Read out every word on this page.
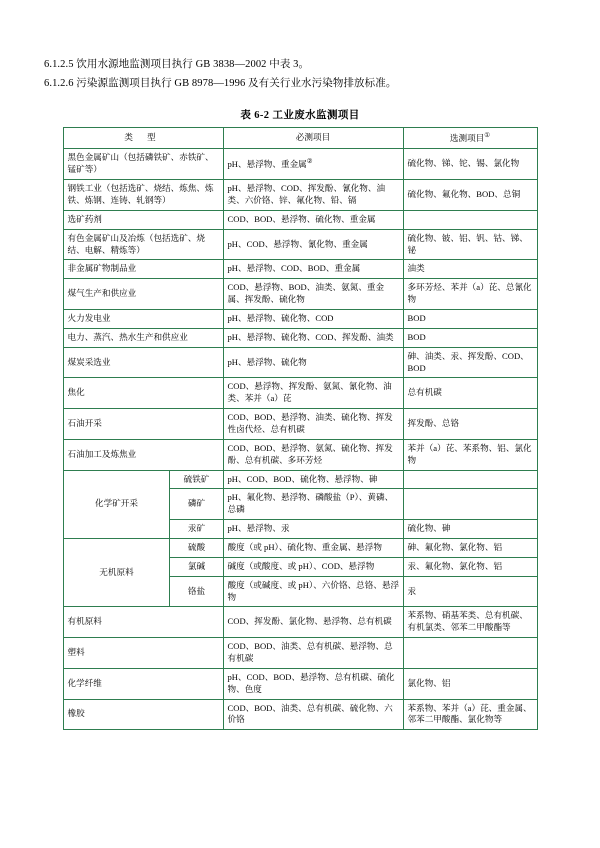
6.1.2.5 饮用水源地监测项目执行 GB 3838—2002 中表 3。

6.1.2.6 污染源监测项目执行 GB 8978—1996 及有关行业水污染物排放标准。

表 6-2 工业废水监测项目
类 型		必测项目	选测项目①
黑色金属矿山（包括磷铁矿、赤铁矿、锰矿等）		pH、悬浮物、重金属②	硫化物、锑、铊、锡、氯化物
钢铁工业（包括选矿、烧结、炼焦、炼铁、炼钢、连铸、轧钢等）		pH、悬浮物、COD、挥发酚、氰化物、油类、六价铬、锌、氟化物、铅、镉	硫化物、氟化物、BOD、总铜
选矿药剂		COD、BOD、悬浮物、硫化物、重金属	
有色金属矿山及冶炼（包括选矿、烧结、电解、精炼等）		pH、COD、悬浮物、氰化物、重金属	硫化物、铍、铝、钒、钴、锑、铋
非金属矿物制品业		pH、悬浮物、COD、BOD、重金属	油类
煤气生产和供应业		COD、悬浮物、BOD、油类、氨氮、重金属、挥发酚、硫化物	多环芳烃、苯并（a）芘、总氰化物
火力发电业		pH、悬浮物、硫化物、COD	BOD
电力、蒸汽、热水生产和供应业		pH、悬浮物、硫化物、COD、挥发酚、油类	BOD
煤炭采选业		pH、悬浮物、硫化物	砷、油类、汞、挥发酚、COD、BOD
焦化		COD、悬浮物、挥发酚、氨氮、氰化物、油类、苯并（a）芘	总有机碳
石油开采		COD、BOD、悬浮物、油类、硫化物、挥发性卤代烃、总有机碳	挥发酚、总铬
石油加工及炼焦业		COD、BOD、悬浮物、氨氮、硫化物、挥发酚、总有机碳、多环芳烃	苯并（a）芘、苯系物、铝、氯化物
化学矿开采	硫铁矿	pH、COD、BOD、硫化物、悬浮物、砷	
	磷矿	pH、氟化物、悬浮物、磷酸盐（P）、黄磷、总磷	
	汞矿	pH、悬浮物、汞	硫化物、砷
无机原料	硫酸	酸度（或 pH）、硫化物、重金属、悬浮物	砷、氟化物、氯化物、铝
	氯碱	碱度（或酸度、或 pH）、COD、悬浮物	汞、氟化物、氯化物、铝
	铬盐	酸度（或碱度、或 pH）、六价铬、总铬、悬浮物	汞
有机原料		COD、挥发酚、氯化物、悬浮物、总有机碳	苯系物、硝基苯类、总有机碳、有机氯类、邻苯二甲酸酯等
塑料		COD、BOD、油类、总有机碳、悬浮物、总有机碳	
化学纤维		pH、COD、BOD、悬浮物、总有机碳、硫化物、色度	氯化物、铝
橡胶		COD、BOD、油类、总有机碳、硫化物、六价铬	苯系物、苯并（a）芘、重金属、邻苯二甲酸酯、氯化物等
